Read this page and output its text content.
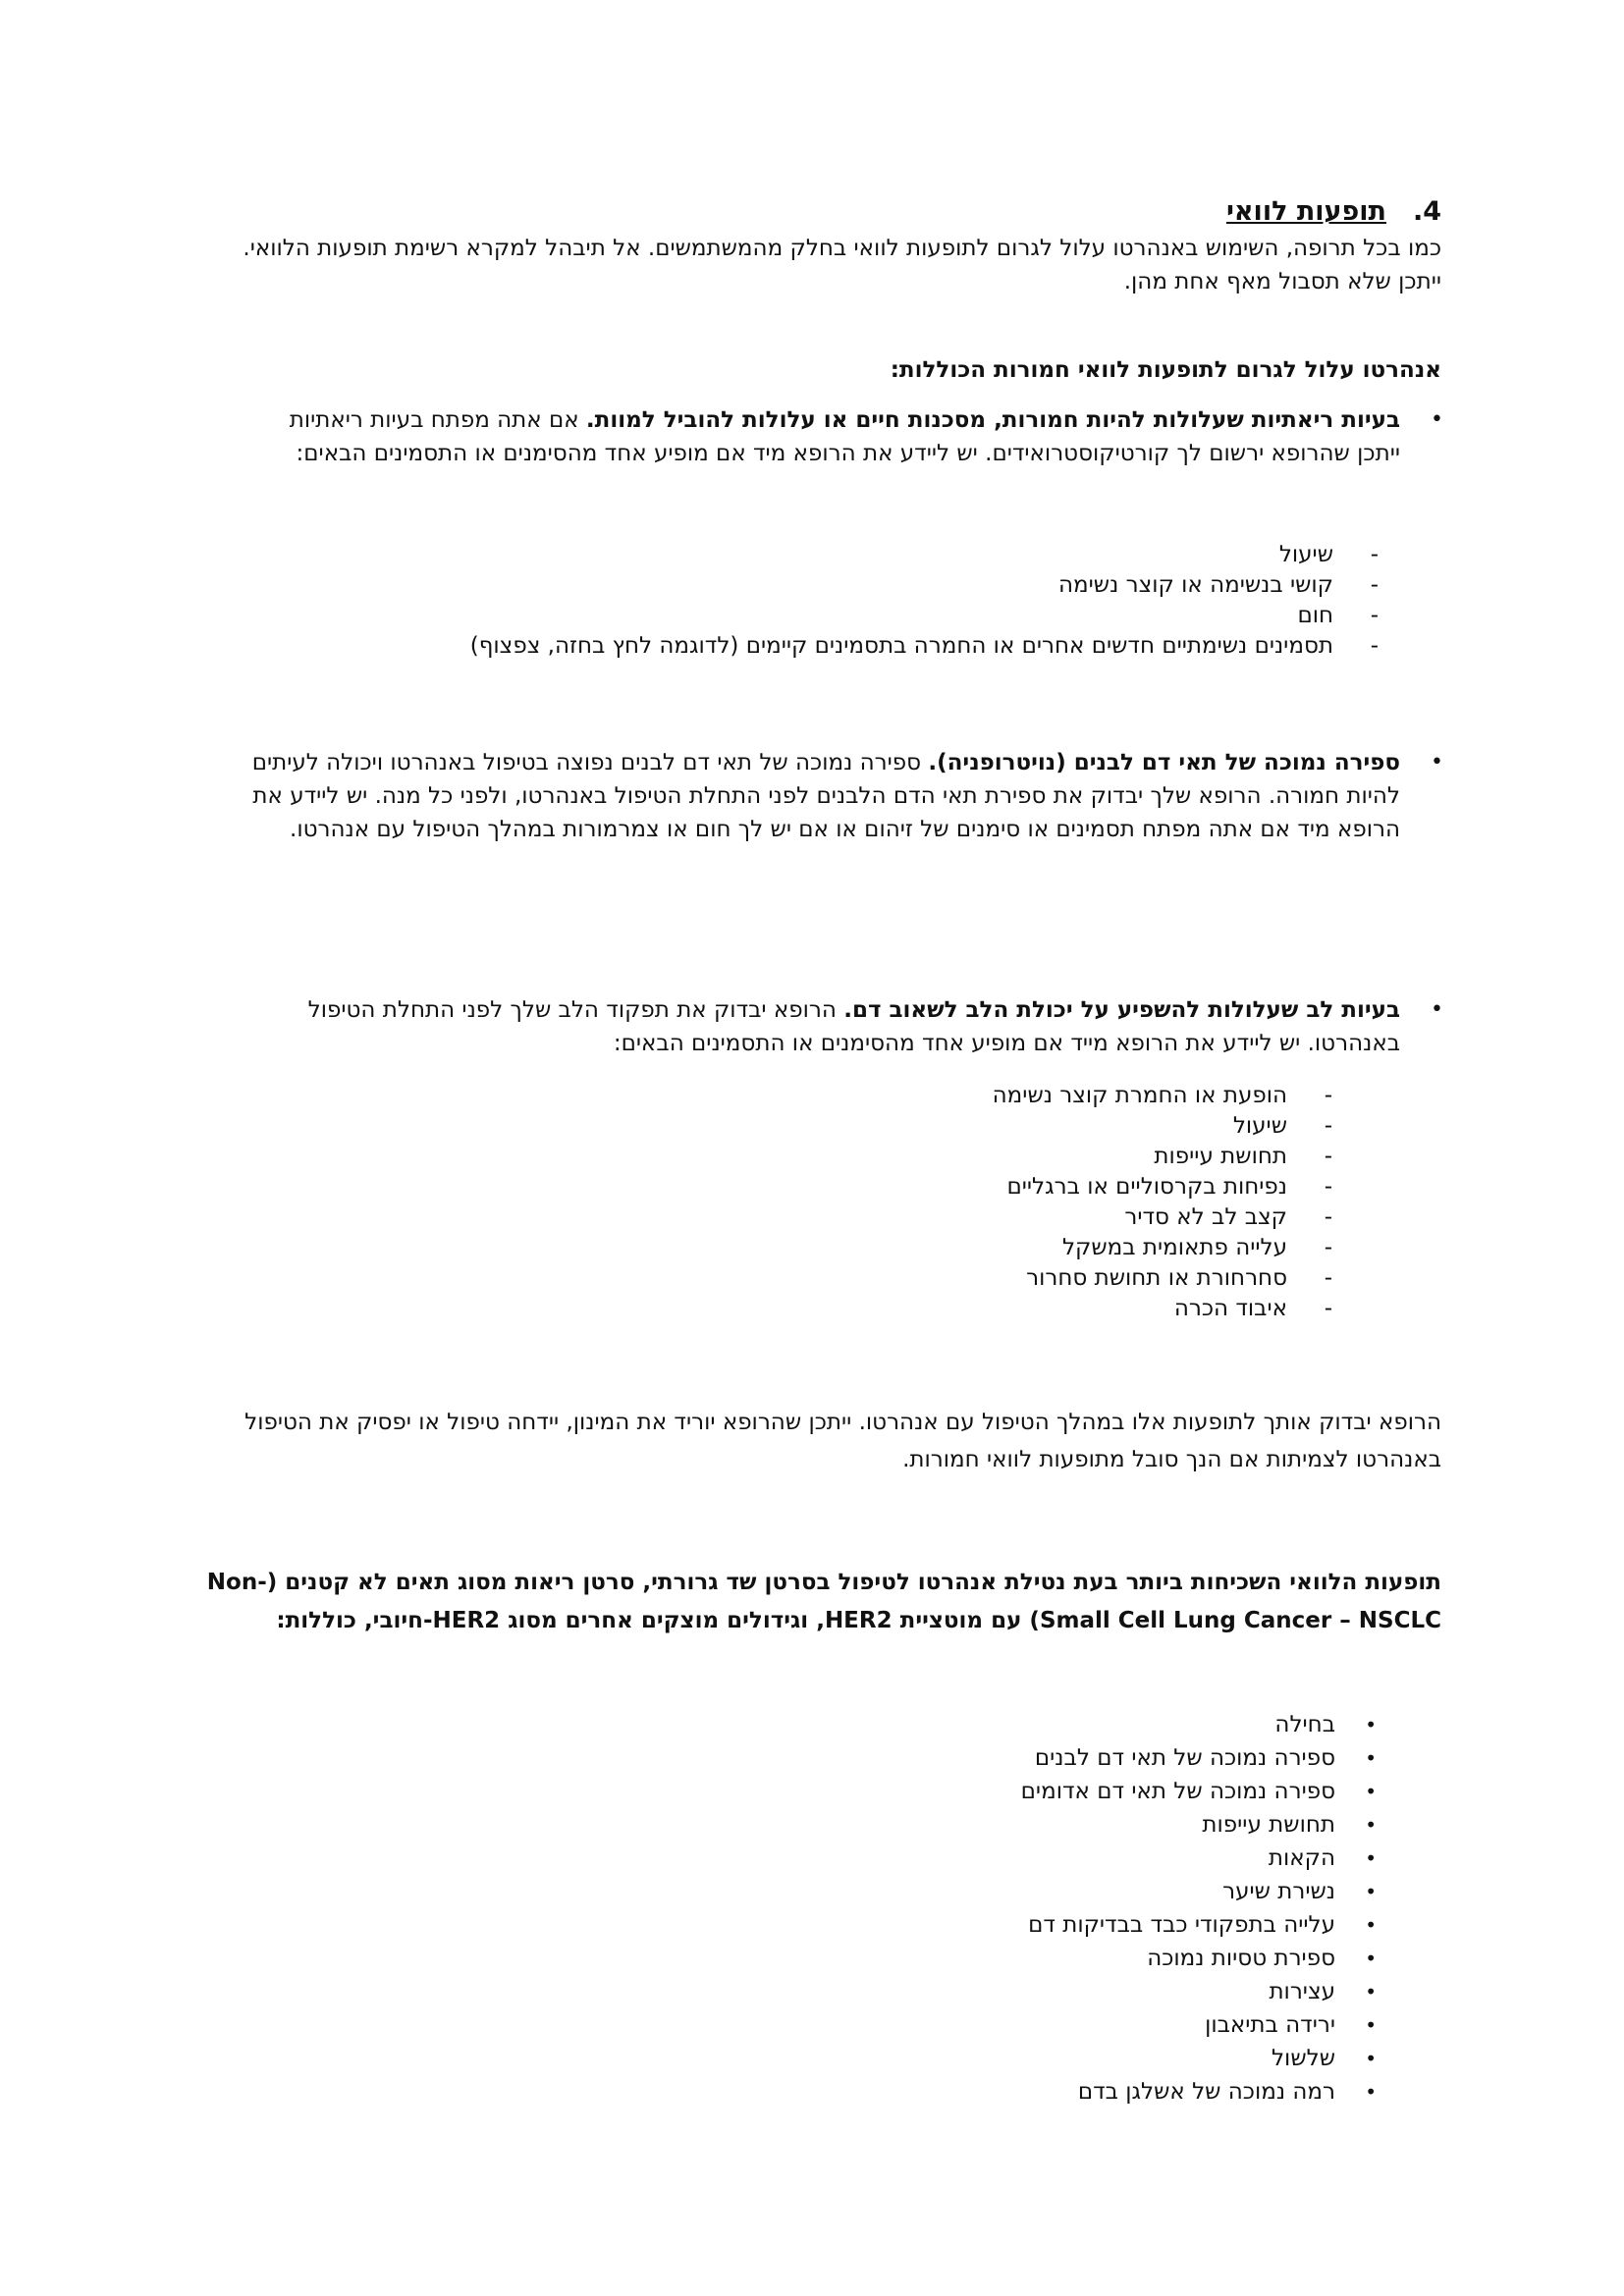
4.תופעות לוואי
כמו בכל תרופה, השימוש באנהרטו עלול לגרום לתופעות לוואי בחלק מהמשתמשים. אל תיבהל למקרא רשימת תופעות הלוואי. ייתכן שלא תסבול מאף אחת מהן.
אנהרטו עלול לגרום לתופעות לוואי חמורות הכוללות:
• בעיות ריאתיות שעלולות להיות חמורות, מסכנות חיים או עלולות להוביל למוות. אם אתה מפתח בעיות ריאתיות ייתכן שהרופא ירשום לך קורטיקוסטרואידים. יש ליידע את הרופא מיד אם מופיע אחד מהסימנים או התסמינים הבאים:
- שיעול
- קושי בנשימה או קוצר נשימה
- חום
- תסמינים נשימתיים חדשים אחרים או החמרה בתסמינים קיימים (לדוגמה לחץ בחזה, צפצוף)
• ספירה נמוכה של תאי דם לבנים (נויטרופניה). ספירה נמוכה של תאי דם לבנים נפוצה בטיפול באנהרטו ויכולה לעיתים להיות חמורה. הרופא שלך יבדוק את ספירת תאי הדם הלבנים לפני התחלת הטיפול באנהרטו, ולפני כל מנה. יש ליידע את הרופא מיד אם אתה מפתח תסמינים או סימנים של זיהום או אם יש לך חום או צמרמורות במהלך הטיפול עם אנהרטו.
• בעיות לב שעלולות להשפיע על יכולת הלב לשאוב דם. הרופא יבדוק את תפקוד הלב שלך לפני התחלת הטיפול באנהרטו. יש ליידע את הרופא מייד אם מופיע אחד מהסימנים או התסמינים הבאים:
- הופעת או החמרת קוצר נשימה
- שיעול
- תחושת עייפות
- נפיחות בקרסוליים או ברגליים
- קצב לב לא סדיר
- עלייה פתאומית במשקל
- סחרחורת או תחושת סחרור
- איבוד הכרה
הרופא יבדוק אותך לתופעות אלו במהלך הטיפול עם אנהרטו. ייתכן שהרופא יוריד את המינון, יידחה טיפול או יפסיק את הטיפול באנהרטו לצמיתות אם הנך סובל מתופעות לוואי חמורות.
תופעות הלוואי השכיחות ביותר בעת נטילת אנהרטו לטיפול בסרטן שד גרורתי, סרטן ריאות מסוג תאים לא קטנים (Non-Small Cell Lung Cancer – NSCLC) עם מוטציית HER2, וגידולים מוצקים אחרים מסוג HER2-חיובי, כוללות:
• בחילה
• ספירה נמוכה של תאי דם לבנים
• ספירה נמוכה של תאי דם אדומים
• תחושת עייפות
• הקאות
• נשירת שיער
• עלייה בתפקודי כבד בבדיקות דם
• ספירת טסיות נמוכה
• עצירות
• ירידה בתיאבון
• שלשול
• רמה נמוכה של אשלגן בדם
